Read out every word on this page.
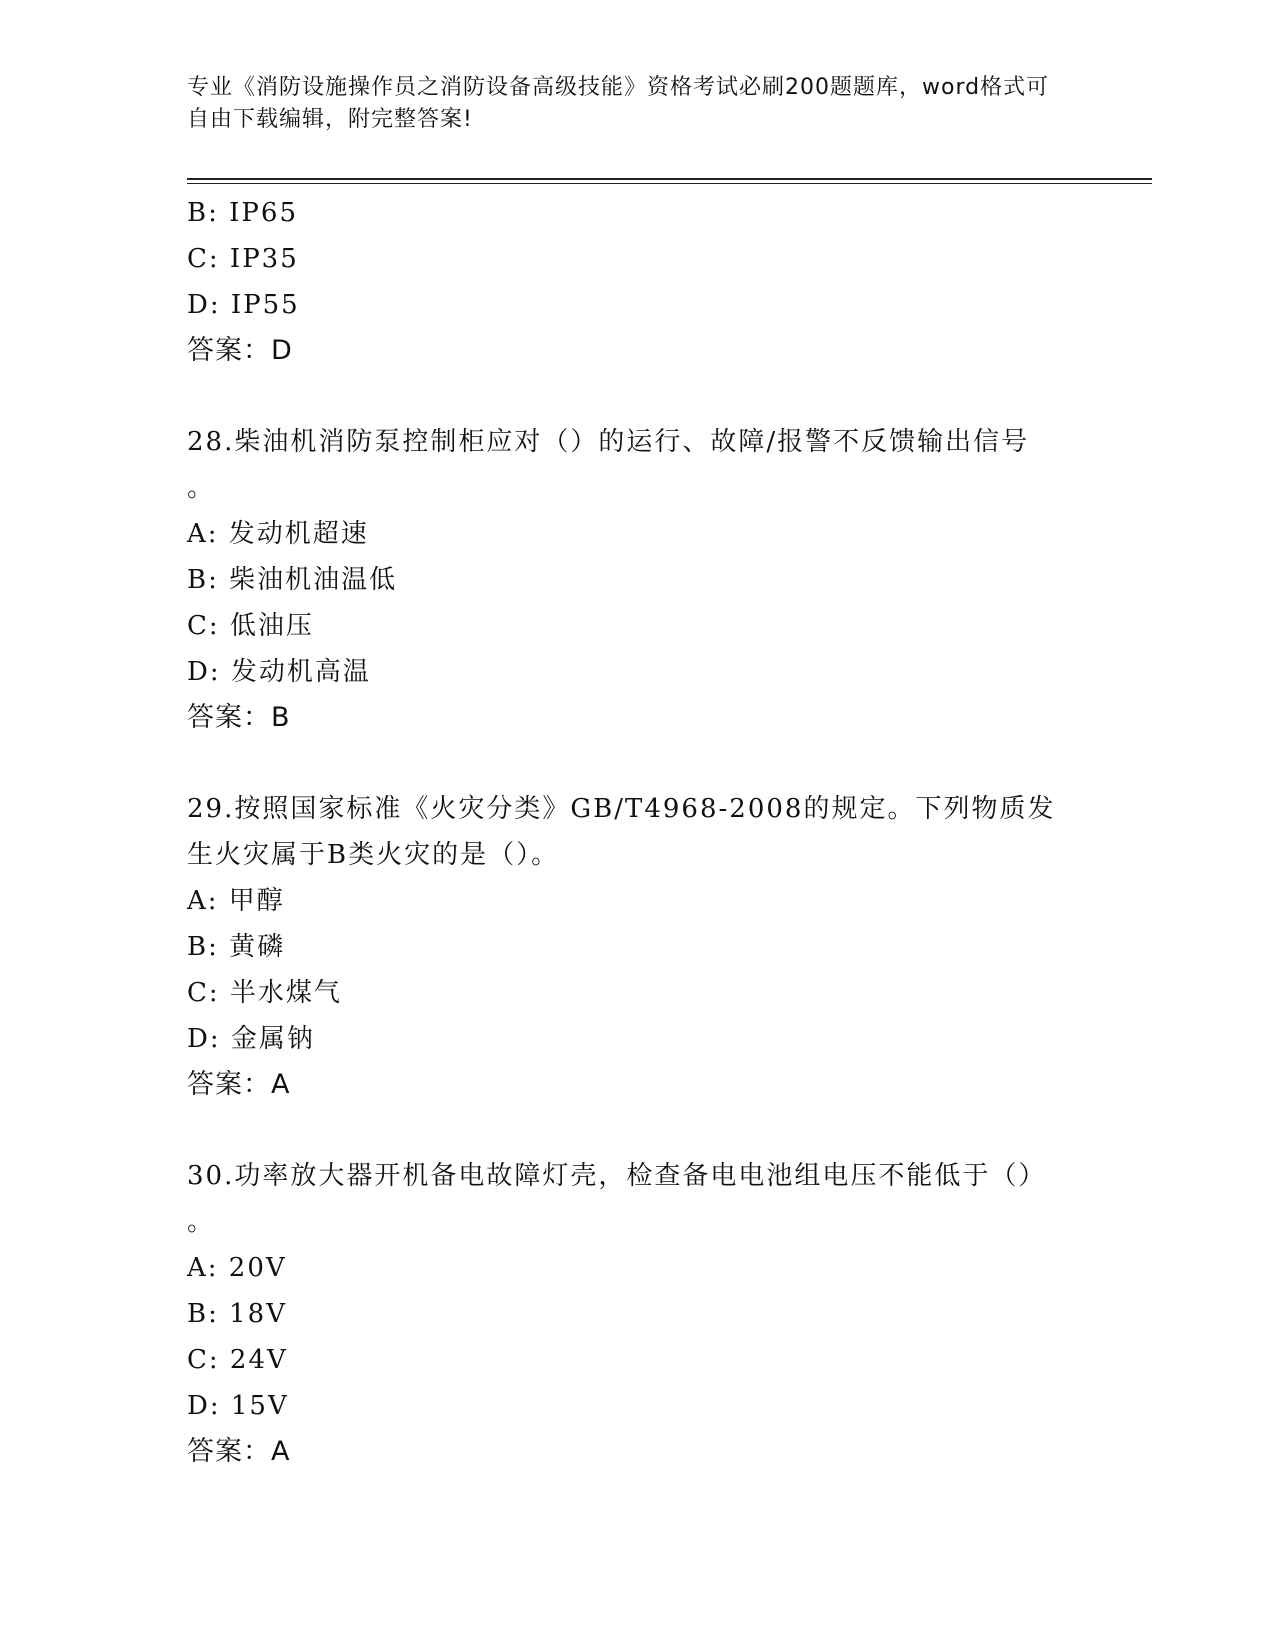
专业《消防设施操作员之消防设备高级技能》资格考试必刷200题题库，word格式可自由下载编辑，附完整答案!
B: IP65
C: IP35
D: IP55
答案：D
28.柴油机消防泵控制柜应对（）的运行、故障/报警不反馈输出信号
。
A: 发动机超速
B: 柴油机油温低
C: 低油压
D: 发动机高温
答案：B
29.按照国家标准《火灾分类》GB/T4968-2008的规定。下列物质发生火灾属于B类火灾的是（）。
A: 甲醇
B: 黄磷
C: 半水煤气
D: 金属钠
答案：A
30.功率放大器开机备电故障灯壳，检查备电电池组电压不能低于（）
。
A: 20V
B: 18V
C: 24V
D: 15V
答案：A
